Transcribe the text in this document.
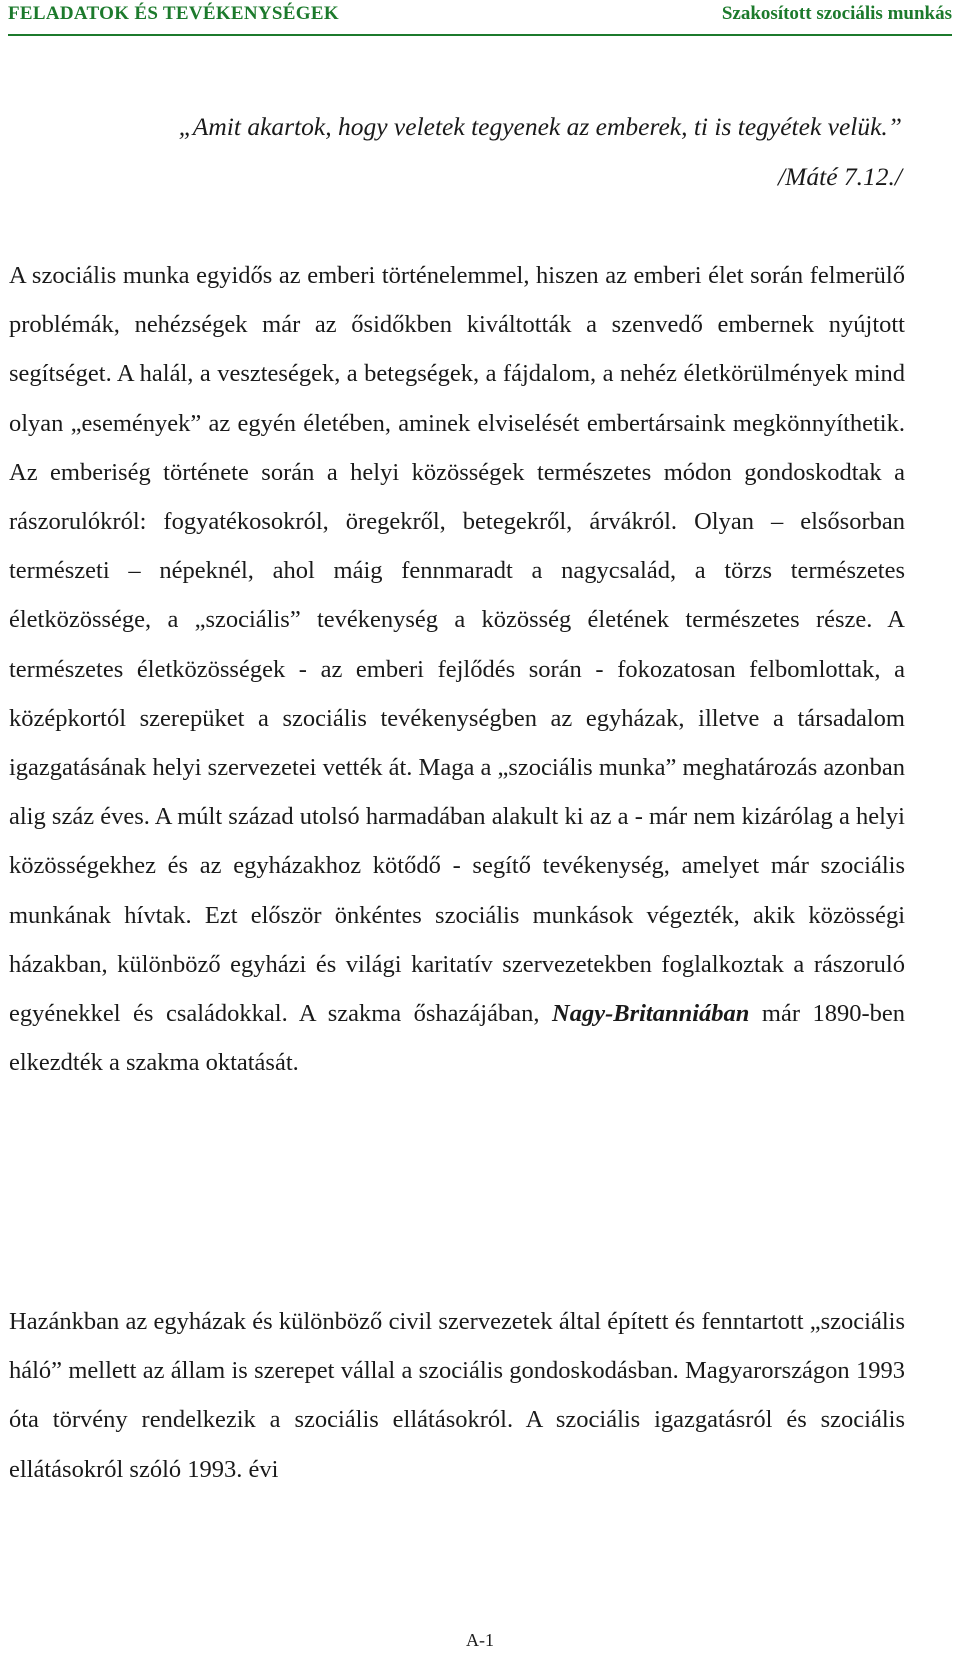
FELADATOK ÉS TEVÉKENYSÉGEK	Szakosított szociális munkás
„Amit akartok, hogy veletek tegyenek az emberek, ti is tegyétek velük.”
/Máté 7.12./

A szociális munka egyidős az emberi történelemmel, hiszen az emberi élet során felmerülő problémák, nehézségek már az ősidőkben kiváltották a szenvedő embernek nyújtott segítséget. A halál, a veszteségek, a betegségek, a fájdalom, a nehéz életkörülmények mind olyan „események” az egyén életében, aminek elviselését embertársaink megkönnyíthetik. Az emberiség története során a helyi közösségek természetes módon gondoskodtak a rászorulókról: fogyatékosokról, öregekről, betegekről, árvákról. Olyan – elsősorban természeti – népeknél, ahol máig fennmaradt a nagycsalád, a törzs természetes életközössége, a „szociális” tevékenység a közösség életének természetes része. A természetes életközösségek - az emberi fejlődés során - fokozatosan felbomlottak, a középkortól szerepüket a szociális tevékenységben az egyházak, illetve a társadalom igazgatásának helyi szervezetei vették át. Maga a „szociális munka” meghatározás azonban alig száz éves. A múlt század utolsó harmadában alakult ki az a - már nem kizárólag a helyi közösségekhez és az egyházakhoz kötődő - segítő tevékenység, amelyet már szociális munkának hívtak. Ezt először önkéntes szociális munkások végezték, akik közösségi házakban, különböző egyházi és világi karitatív szervezetekben foglalkoztak a rászoruló egyénekkel és családokkal. A szakma őshazájában, Nagy-Britanniában már 1890-ben elkezdték a szakma oktatását.

Hazánkban az egyházak és különböző civil szervezetek által épített és fenntartott „szociális háló” mellett az állam is szerepet vállal a szociális gondoskodásban. Magyarországon 1993 óta törvény rendelkezik a szociális ellátásokról. A szociális igazgatásról és szociális ellátásokról szóló 1993. évi

A-1
